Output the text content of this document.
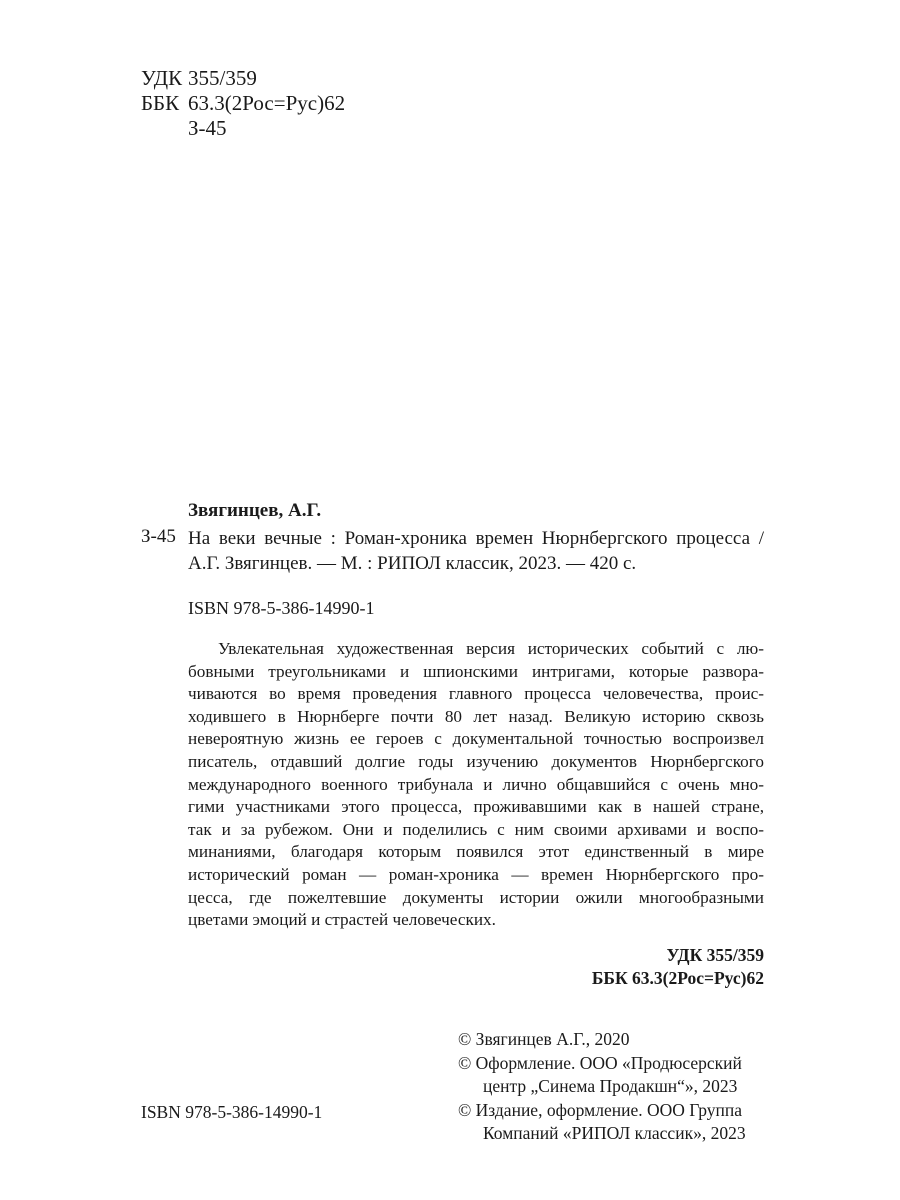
УДК 355/359
ББК 63.3(2Рос=Рус)62
З-45
Звягинцев, А.Г.
З-45 На веки вечные : Роман-хроника времен Нюрнбергского процесса / А.Г. Звягинцев. — М. : РИПОЛ классик, 2023. — 420 с.
ISBN 978-5-386-14990-1
Увлекательная художественная версия исторических событий с лю-
бовными треугольниками и шпионскими интригами, которые развора-
чиваются во время проведения главного процесса человечества, проис-
ходившего в Нюрнберге почти 80 лет назад. Великую историю сквозь
невероятную жизнь ее героев с документальной точностью воспроизвел
писатель, отдавший долгие годы изучению документов Нюрнбергского
международного военного трибунала и лично общавшийся с очень мно-
гими участниками этого процесса, проживавшими как в нашей стране,
так и за рубежом. Они и поделились с ним своими архивами и воспо-
минаниями, благодаря которым появился этот единственный в мире
исторический роман — роман-хроника — времен Нюрнбергского про-
цесса, где пожелтевшие документы истории ожили многообразными
цветами эмоций и страстей человеческих.
УДК 355/359
ББК 63.3(2Рос=Рус)62
© Звягинцев А.Г., 2020
© Оформление. ООО «Продюсерский
центр „Синема Продакшн“», 2023
© Издание, оформление. ООО Группа
Компаний «РИПОЛ классик», 2023
ISBN 978-5-386-14990-1
